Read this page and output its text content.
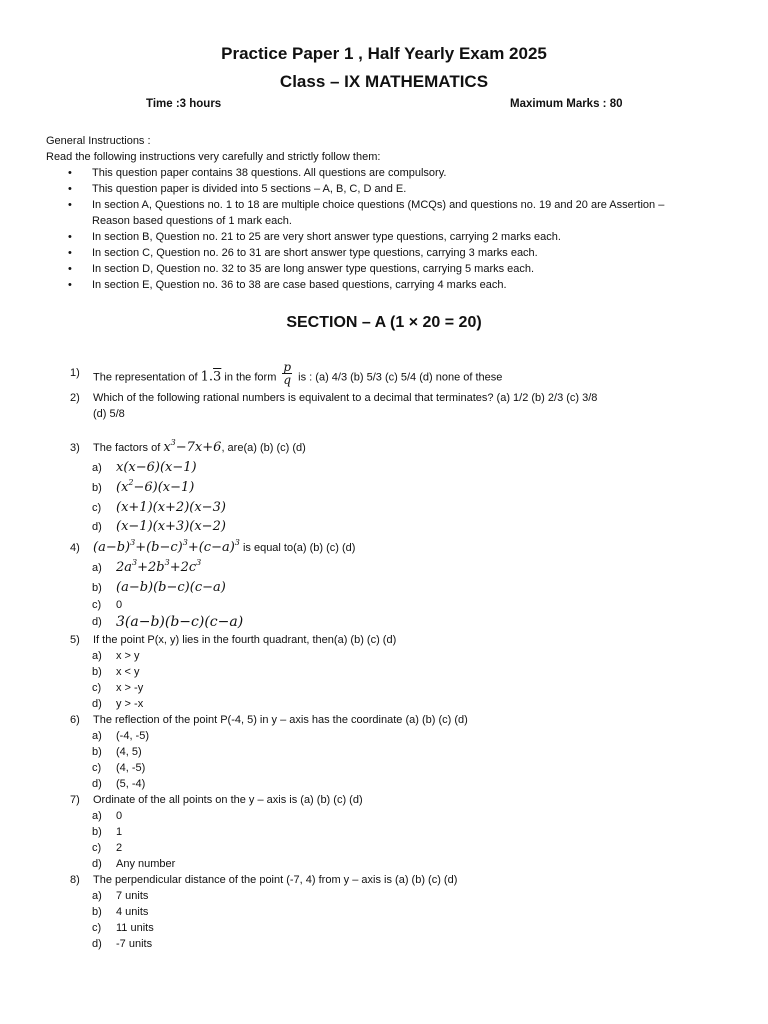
Practice Paper 1 , Half Yearly Exam 2025
Class – IX MATHEMATICS
Time :3 hours	Maximum Marks : 80
General Instructions :
Read the following instructions very carefully and strictly follow them:
• This question paper contains 38 questions. All questions are compulsory.
• This question paper is divided into 5 sections – A, B, C, D and E.
• In section A, Questions no. 1 to 18 are multiple choice questions (MCQs) and questions no. 19 and 20 are Assertion –
Reason based questions of 1 mark each.
• In section B, Question no. 21 to 25 are very short answer type questions, carrying 2 marks each.
• In section C, Question no. 26 to 31 are short answer type questions, carrying 3 marks each.
• In section D, Question no. 32 to 35 are long answer type questions, carrying 5 marks each.
• In section E, Question no. 36 to 38 are case based questions, carrying 4 marks each.
SECTION – A (1 × 20 = 20)
1) The representation of 1.3 in the form $\frac{p}{q}$ is : (a) 4/3 (b) 5/3 (c) 5/4 (d) none of these
2) Which of the following rational numbers is equivalent to a decimal that terminates? (a) 1/2 (b) 2/3 (c) 3/8
(d) 5/8
3) The factors of $x^3-7x+6$, are(a) (b) (c) (d)
a) x(x−6)(x−1)
b) $(x^2-6)(x-1)$
c) (x+1)(x+2)(x−3)
d) (x−1)(x+3)(x−2)
4) $(a-b)^3+(b-c)^3+(c-a)^3$ is equal to(a) (b) (c) (d)
a) $2a^3+2b^3+2c^3$
b) (a−b)(b−c)(c−a)
c) 0
d) 3(a−b)(b−c)(c−a)
5) If the point P(x, y) lies in the fourth quadrant, then(a) (b) (c) (d)
a) x > y
b) x < y
c) x > -y
d) y > -x
6) The reflection of the point P(-4, 5) in y – axis has the coordinate (a) (b) (c) (d)
a) (-4, -5)
b) (4, 5)
c) (4, -5)
d) (5, -4)
7) Ordinate of the all points on the y – axis is (a) (b) (c) (d)
a) 0
b) 1
c) 2
d) Any number
8) The perpendicular distance of the point (-7, 4) from y – axis is (a) (b) (c) (d)
a) 7 units
b) 4 units
c) 11 units
d) -7 units
